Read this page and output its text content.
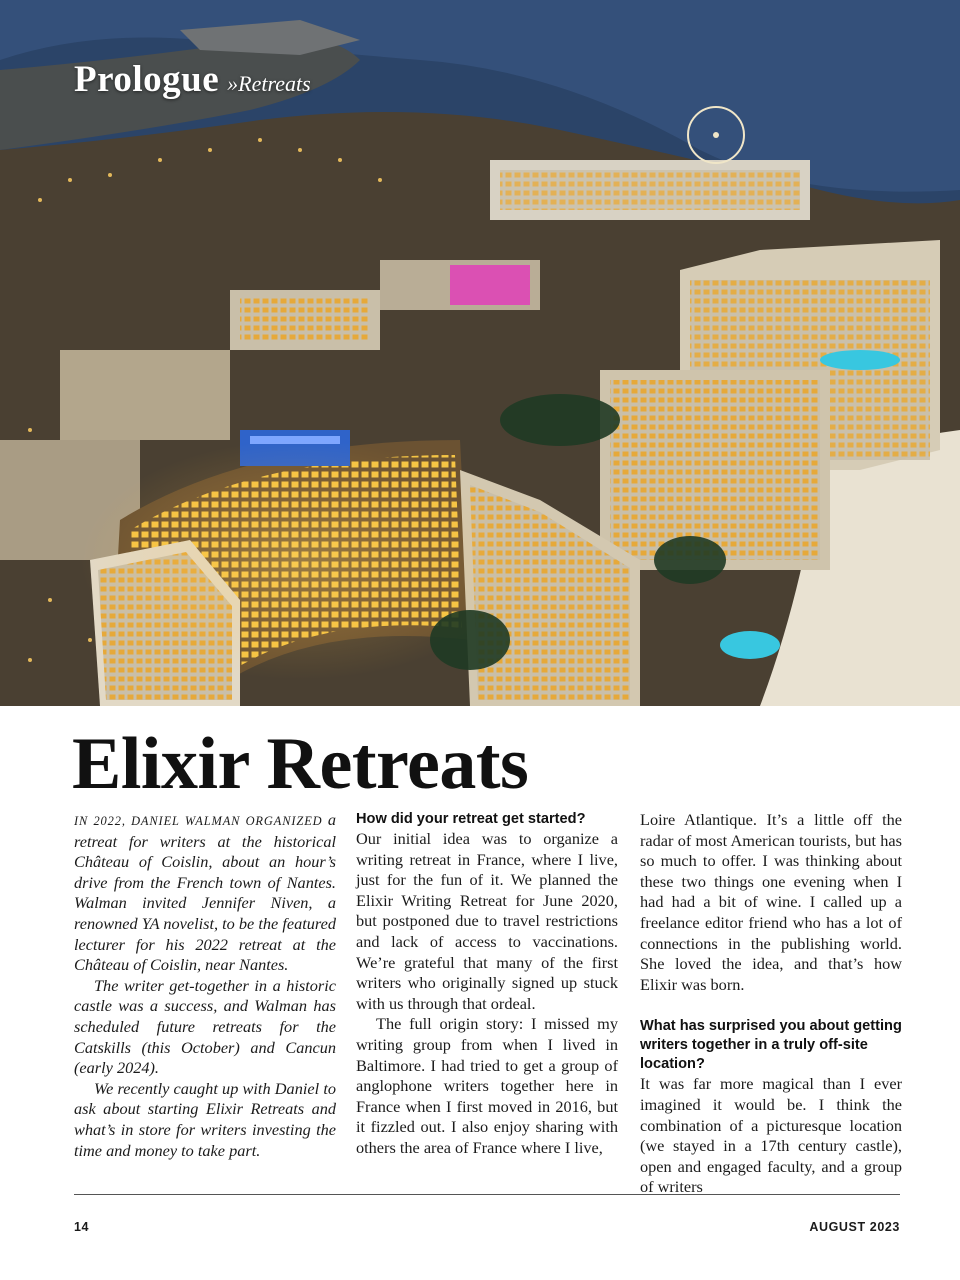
Prologue »Retreats
Elixir Retreats

IN 2022, DANIEL WALMAN ORGANIZED a retreat for writers at the historical Château of Coislin, about an hour’s drive from the French town of Nantes. Walman invited Jennifer Niven, a renowned YA novelist, to be the featured lecturer for his 2022 retreat at the Château of Coislin, near Nantes.

The writer get-together in a historic castle was a success, and Walman has scheduled future retreats for the Catskills (this October) and Cancun (early 2024).

We recently caught up with Daniel to ask about starting Elixir Retreats and what’s in store for writers investing the time and money to take part.

How did your retreat get started?

Our initial idea was to organize a writing retreat in France, where I live, just for the fun of it. We planned the Elixir Writing Retreat for June 2020, but postponed due to travel restrictions and lack of access to vaccinations. We’re grateful that many of the first writers who originally signed up stuck with us through that ordeal.

The full origin story: I missed my writing group from when I lived in Baltimore. I had tried to get a group of anglophone writers together here in France when I first moved in 2016, but it fizzled out. I also enjoy sharing with others the area of France where I live,

Loire Atlantique. It’s a little off the radar of most American tourists, but has so much to offer. I was thinking about these two things one evening when I had had a bit of wine. I called up a freelance editor friend who has a lot of connections in the publishing world. She loved the idea, and that’s how Elixir was born.

What has surprised you about getting writers together in a truly off-site location?

It was far more magical than I ever imagined it would be. I think the combination of a picturesque location (we stayed in a 17th century castle), open and engaged faculty, and a group of writers

14	AUGUST 2023
